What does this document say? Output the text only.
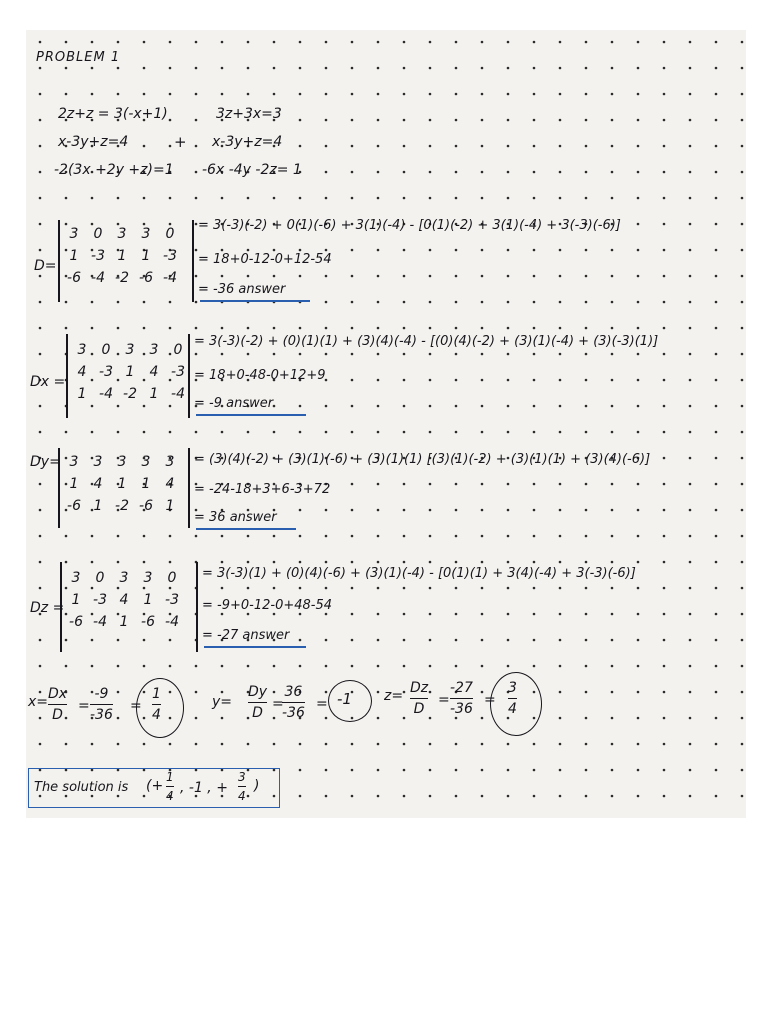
PROBLEM 1
2z+z = 3(-x+1)
x-3y+z=4
-2(3x +2y +z)=1
+
3z+3x=3
x-3y+z=4
-6x -4y -2z= 1
D=
3	0	3	3	0
1 -3 1	1 -3
-6 -4 -2 -6 -4
= 3(-3)(-2) + 0(1)(-6) + 3(1)(-4) - [0(1)(-2) + 3(1)(-4) + 3(-3)(-6)]
= 18+0-12-0+12-54
= -36 answer
Dx =
3	0	3	3	0
4 -3 1	4 -3
1 -4 -2 1 -4
= 3(-3)(-2) + (0)(1)(1) + (3)(4)(-4) - [(0)(4)(-2) + (3)(1)(-4) + (3)(-3)(1)]
= 18+0-48-0+12+9
= -9 answer
Dy= 3	3	3	3	3
1	4	1	1	4
-6 1 -2 -6 1
= (3)(4)(-2) + (3)(1)(-6) + (3)(1)(1) [(3)(1)(-2) + (3)(1)(1) + (3)(4)(-6)]
= -24-18+3+6-3+72
= 36 answer
Dz =
3	0	3	3	0
1 -3 4	1 -3
-6 -4 1 -6 -4
= 3(-3)(1) + (0)(4)(-6) + (3)(1)(-4) - [0(1)(1) + 3(4)(-4) + 3(-3)(-6)]
= -9+0-12-0+48-54
= -27 answer
x= Dx
D
=
-9
-36
=
1
4
y=
Dy
D
=
36
-36
= -1 z= Dz
D
=
-27
-36
=
3
4
The solution is (+
1
4 , -1 , +
3
4
)
